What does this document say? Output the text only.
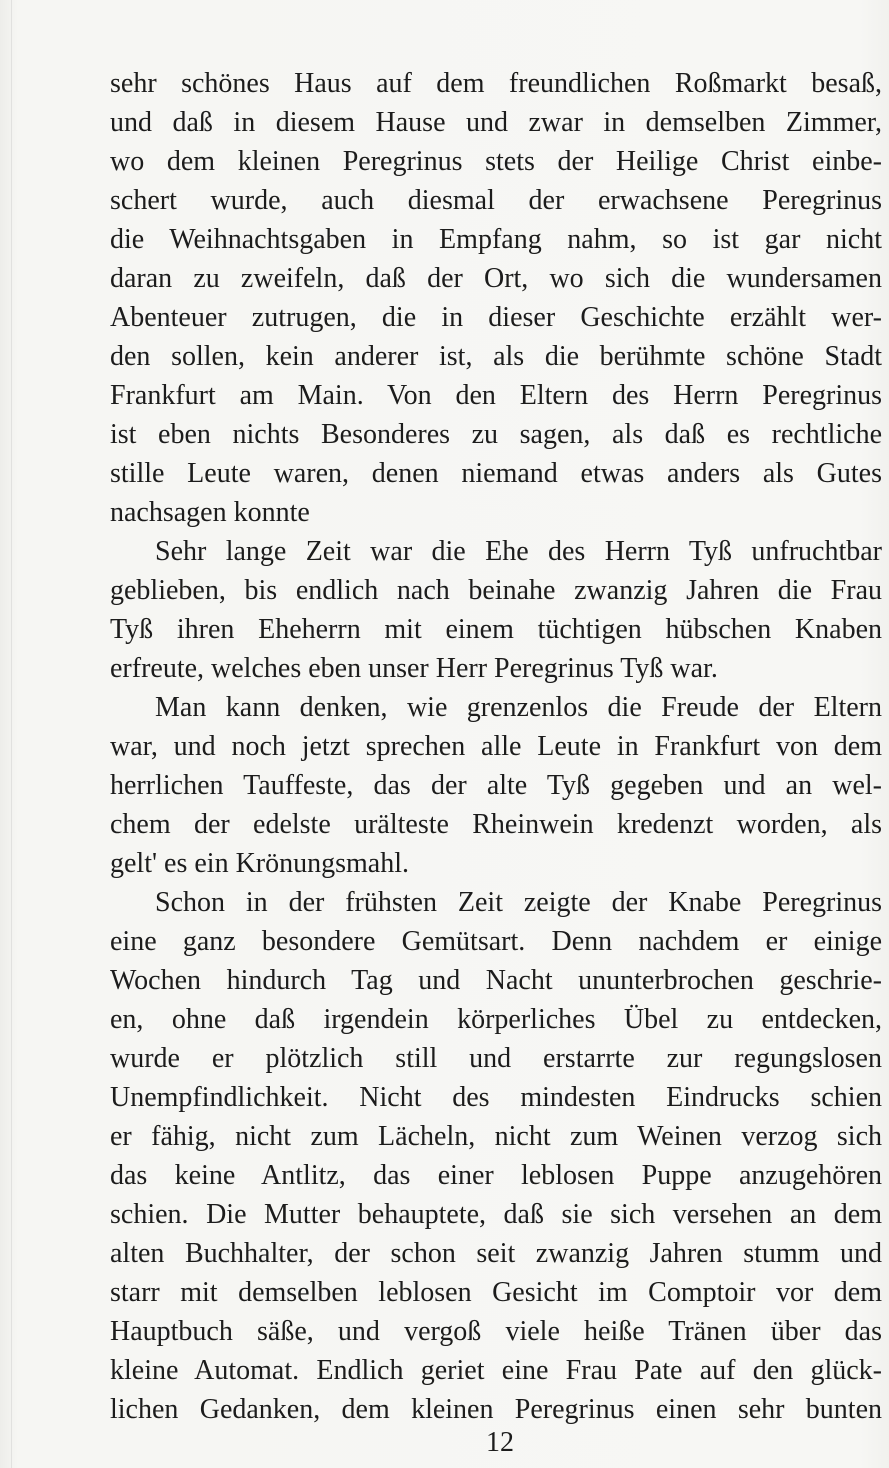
sehr schönes Haus auf dem freundlichen Roßmarkt besaß,
und daß in diesem Hause und zwar in demselben Zimmer,
wo dem kleinen Peregrinus stets der Heilige Christ einbe-
schert wurde, auch diesmal der erwachsene Peregrinus
die Weihnachtsgaben in Empfang nahm, so ist gar nicht
daran zu zweifeln, daß der Ort, wo sich die wundersamen
Abenteuer zutrugen, die in dieser Geschichte erzählt wer-
den sollen, kein anderer ist, als die berühmte schöne Stadt
Frankfurt am Main. Von den Eltern des Herrn Peregrinus
ist eben nichts Besonderes zu sagen, als daß es rechtliche
stille Leute waren, denen niemand etwas anders als Gutes
nachsagen konnte
Sehr lange Zeit war die Ehe des Herrn Tyß unfruchtbar
geblieben, bis endlich nach beinahe zwanzig Jahren die Frau
Tyß ihren Eheherrn mit einem tüchtigen hübschen Knaben
erfreute, welches eben unser Herr Peregrinus Tyß war.
Man kann denken, wie grenzenlos die Freude der Eltern
war, und noch jetzt sprechen alle Leute in Frankfurt von dem
herrlichen Tauffeste, das der alte Tyß gegeben und an wel-
chem der edelste urälteste Rheinwein kredenzt worden, als
gelt' es ein Krönungsmahl.
Schon in der frühsten Zeit zeigte der Knabe Peregrinus
eine ganz besondere Gemütsart. Denn nachdem er einige
Wochen hindurch Tag und Nacht ununterbrochen geschrie-
en, ohne daß irgendein körperliches Übel zu entdecken,
wurde er plötzlich still und erstarrte zur regungslosen
Unempfindlichkeit. Nicht des mindesten Eindrucks schien
er fähig, nicht zum Lächeln, nicht zum Weinen verzog sich
das keine Antlitz, das einer leblosen Puppe anzugehören
schien. Die Mutter behauptete, daß sie sich versehen an dem
alten Buchhalter, der schon seit zwanzig Jahren stumm und
starr mit demselben leblosen Gesicht im Comptoir vor dem
Hauptbuch säße, und vergoß viele heiße Tränen über das
kleine Automat. Endlich geriet eine Frau Pate auf den glück-
lichen Gedanken, dem kleinen Peregrinus einen sehr bunten
12
